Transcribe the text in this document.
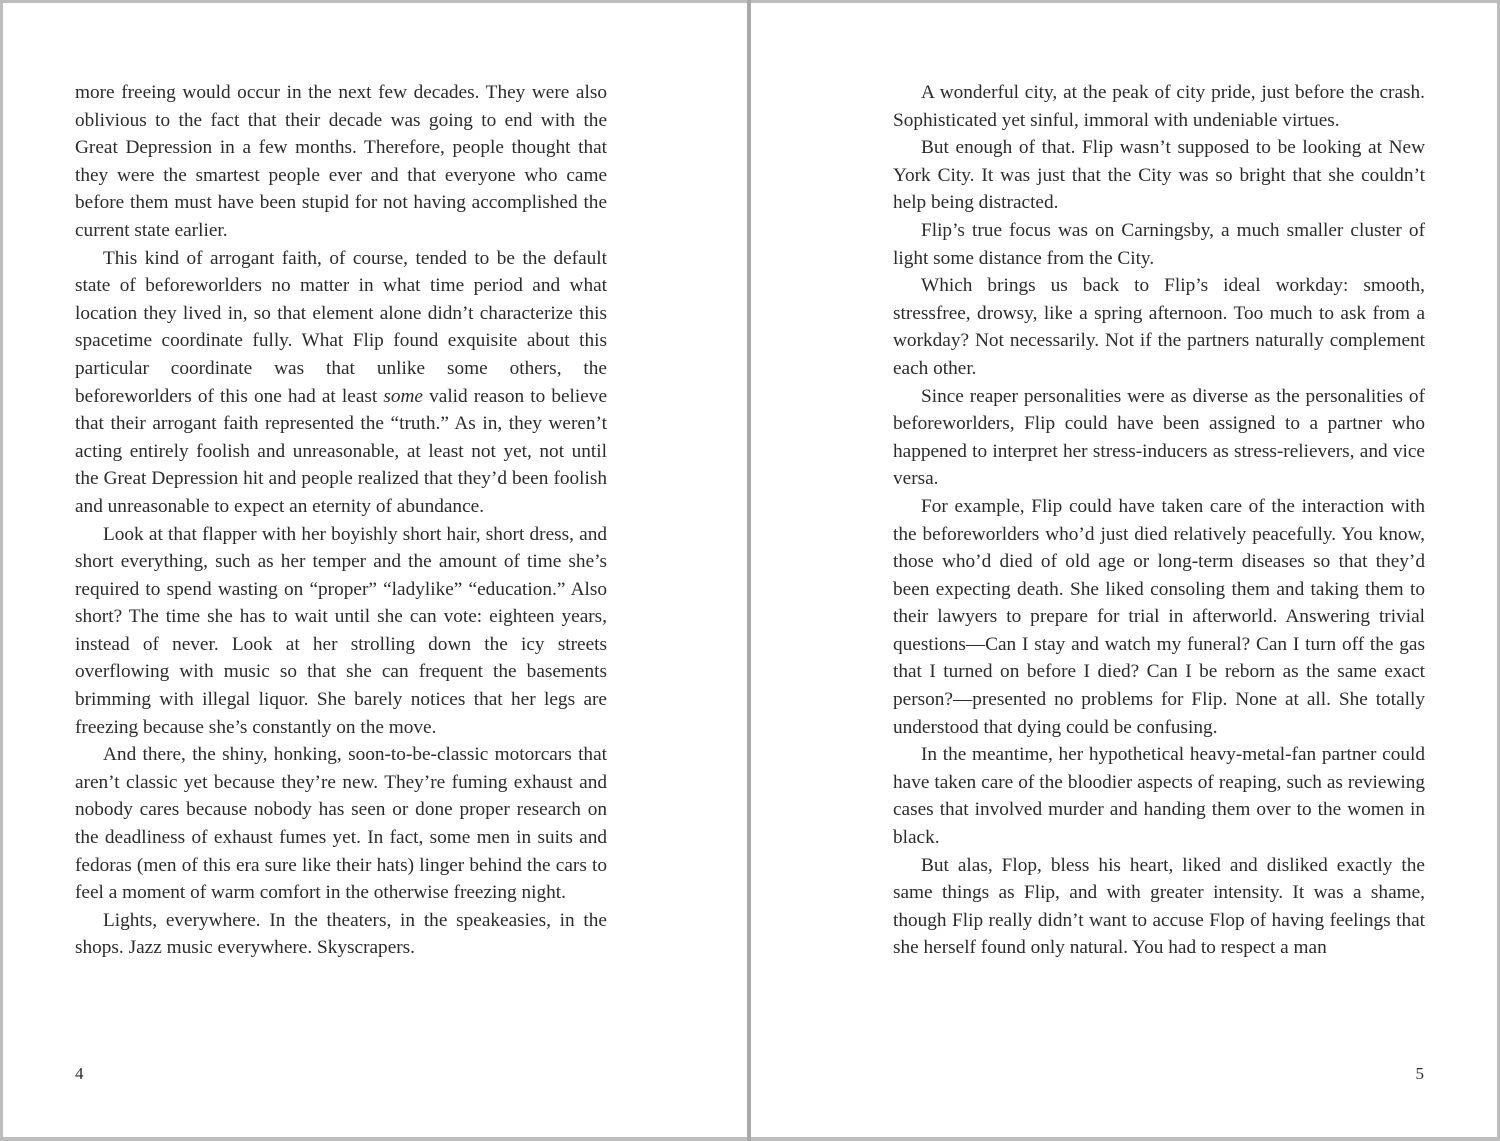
more freeing would occur in the next few decades. They were also oblivious to the fact that their decade was going to end with the Great Depression in a few months. Therefore, people thought that they were the smartest people ever and that everyone who came before them must have been stupid for not having accomplished the current state earlier.

This kind of arrogant faith, of course, tended to be the default state of beforeworlders no matter in what time period and what location they lived in, so that element alone didn’t characterize this spacetime coordinate fully. What Flip found exquisite about this particular coordinate was that unlike some others, the beforeworlders of this one had at least some valid reason to believe that their arrogant faith represented the “truth.” As in, they weren’t acting entirely foolish and unreasonable, at least not yet, not until the Great Depression hit and people realized that they’d been foolish and unreasonable to expect an eternity of abundance.

Look at that flapper with her boyishly short hair, short dress, and short everything, such as her temper and the amount of time she’s required to spend wasting on “proper” “ladylike” “education.” Also short? The time she has to wait until she can vote: eighteen years, instead of never. Look at her strolling down the icy streets overflowing with music so that she can frequent the basements brimming with illegal liquor. She barely notices that her legs are freezing because she’s constantly on the move.

And there, the shiny, honking, soon-to-be-classic motorcars that aren’t classic yet because they’re new. They’re fuming exhaust and nobody cares because nobody has seen or done proper research on the deadliness of exhaust fumes yet. In fact, some men in suits and fedoras (men of this era sure like their hats) linger behind the cars to feel a moment of warm comfort in the otherwise freezing night.

Lights, everywhere. In the theaters, in the speakeasies, in the shops. Jazz music everywhere. Skyscrapers.

4

A wonderful city, at the peak of city pride, just before the crash. Sophisticated yet sinful, immoral with undeniable virtues.

But enough of that. Flip wasn’t supposed to be looking at New York City. It was just that the City was so bright that she couldn’t help being distracted.

Flip’s true focus was on Carningsby, a much smaller cluster of light some distance from the City.

Which brings us back to Flip’s ideal workday: smooth, stressfree, drowsy, like a spring afternoon. Too much to ask from a workday? Not necessarily. Not if the partners naturally complement each other.

Since reaper personalities were as diverse as the personalities of beforeworlders, Flip could have been assigned to a partner who happened to interpret her stress-inducers as stress-relievers, and vice versa.

For example, Flip could have taken care of the interaction with the beforeworlders who’d just died relatively peacefully. You know, those who’d died of old age or long-term diseases so that they’d been expecting death. She liked consoling them and taking them to their lawyers to prepare for trial in afterworld. Answering trivial questions—Can I stay and watch my funeral? Can I turn off the gas that I turned on before I died? Can I be reborn as the same exact person?—presented no problems for Flip. None at all. She totally understood that dying could be confusing.

In the meantime, her hypothetical heavy-metal-fan partner could have taken care of the bloodier aspects of reaping, such as reviewing cases that involved murder and handing them over to the women in black.

But alas, Flop, bless his heart, liked and disliked exactly the same things as Flip, and with greater intensity. It was a shame, though Flip really didn’t want to accuse Flop of having feelings that she herself found only natural. You had to respect a man

5
